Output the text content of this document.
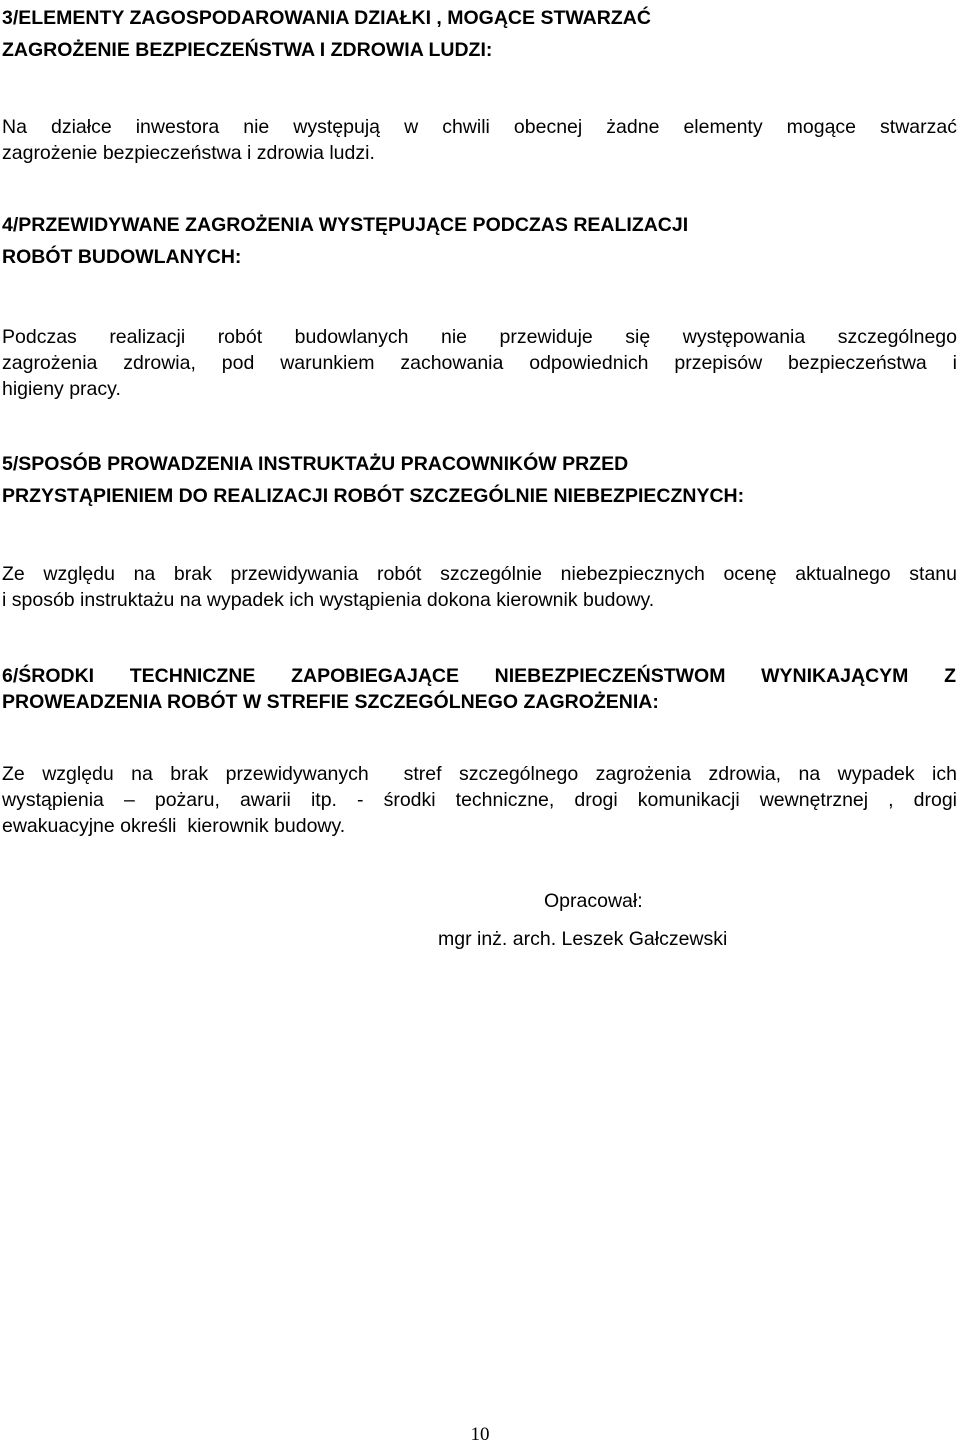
3/ELEMENTY ZAGOSPODAROWANIA DZIAŁKI , MOGĄCE STWARZAĆ
ZAGROŻENIE BEZPIECZEŃSTWA I ZDROWIA LUDZI:

Na działce inwestora nie występują w chwili obecnej żadne elementy mogące stwarzać
zagrożenie bezpieczeństwa i zdrowia ludzi.

4/PRZEWIDYWANE ZAGROŻENIA WYSTĘPUJĄCE PODCZAS REALIZACJI
ROBÓT BUDOWLANYCH:

Podczas realizacji robót budowlanych nie przewiduje się występowania szczególnego
zagrożenia zdrowia, pod warunkiem zachowania odpowiednich przepisów bezpieczeństwa i
higieny pracy.

5/SPOSÓB PROWADZENIA INSTRUKTAŻU PRACOWNIKÓW PRZED
PRZYSTĄPIENIEM DO REALIZACJI ROBÓT SZCZEGÓLNIE NIEBEZPIECZNYCH:

Ze względu na brak przewidywania robót szczególnie niebezpiecznych ocenę aktualnego stanu
i sposób instruktażu na wypadek ich wystąpienia dokona kierownik budowy.

6/ŚRODKI TECHNICZNE ZAPOBIEGAJĄCE NIEBEZPIECZEŃSTWOM WYNIKAJĄCYM Z
PROWEADZENIA ROBÓT W STREFIE SZCZEGÓLNEGO ZAGROŻENIA:

Ze względu na brak przewidywanych  stref szczególnego zagrożenia zdrowia, na wypadek ich
wystąpienia – pożaru, awarii itp. - środki techniczne, drogi komunikacji wewnętrznej , drogi
ewakuacyjne określi  kierownik budowy.

Opracował:

mgr inż. arch. Leszek Gałczewski

10
